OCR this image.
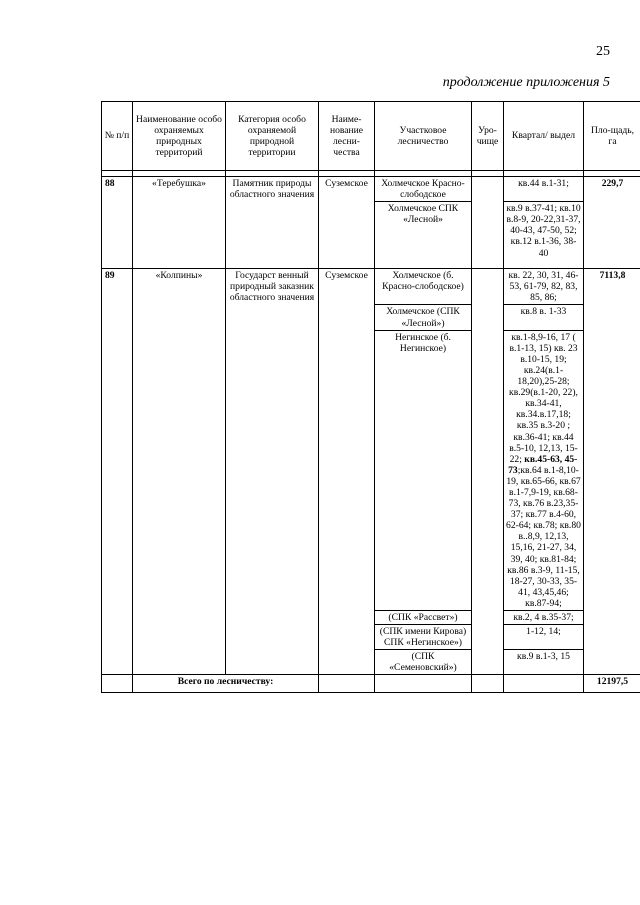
25
продолжение приложения 5
№ п/п	Наименование особо охраняемых природных территорий	Категория особо охраняемой природной территории	Наиме-нование лесни-чества	Участковое лесничество	Уро-чище	Квартал/ выдел	Пло-щадь, га

88	«Теребушка»	Памятник природы областного значения	Суземское	Холмечское Красно-слободское		кв.44 в.1-31;	229,7
				Холмечское СПК «Лесной»		кв.9 в.37-41; кв.10 в.8-9, 20-22,31-37, 40-43, 47-50, 52; кв.12 в.1-36, 38-40	
89	«Колпины»	Государст венный природный заказник областного значения	Суземское	Холмечское (б. Красно-слободское)		кв. 22, 30, 31, 46-53, 61-79, 82, 83, 85, 86;	7113,8
				Холмечское (СПК «Лесной»)		кв.8 в. 1-33	
				Негинское (б. Негинское)		кв.1-8,9-16, 17 ( в.1-13, 15) кв. 23 в.10-15, 19; кв.24(в.1-18,20),25-28; кв.29(в.1-20, 22), кв.34-41, кв.34.в.17,18; кв.35 в.3-20 ; кв.36-41; кв.44 в.5-10, 12,13, 15-22; кв.45-63, 45-73;кв.64 в.1-8,10-19, кв.65-66, кв.67 в.1-7,9-19, кв.68-73, кв.76 в.23,35-37; кв.77 в.4-60, 62-64; кв.78; кв.80 в..8,9, 12,13, 15,16, 21-27, 34, 39, 40; кв.81-84; кв.86 в.3-9, 11-15, 18-27, 30-33, 35-41, 43,45,46; кв.87-94;	
				(СПК «Рассвет»)		кв.2, 4 в.35-37;	
				(СПК имени Кирова) СПК «Негинское»)		1-12, 14;	
				(СПК «Семеновский»)		кв.9 в.1-3, 15	
	Всего по лесничеству:						12197,5
